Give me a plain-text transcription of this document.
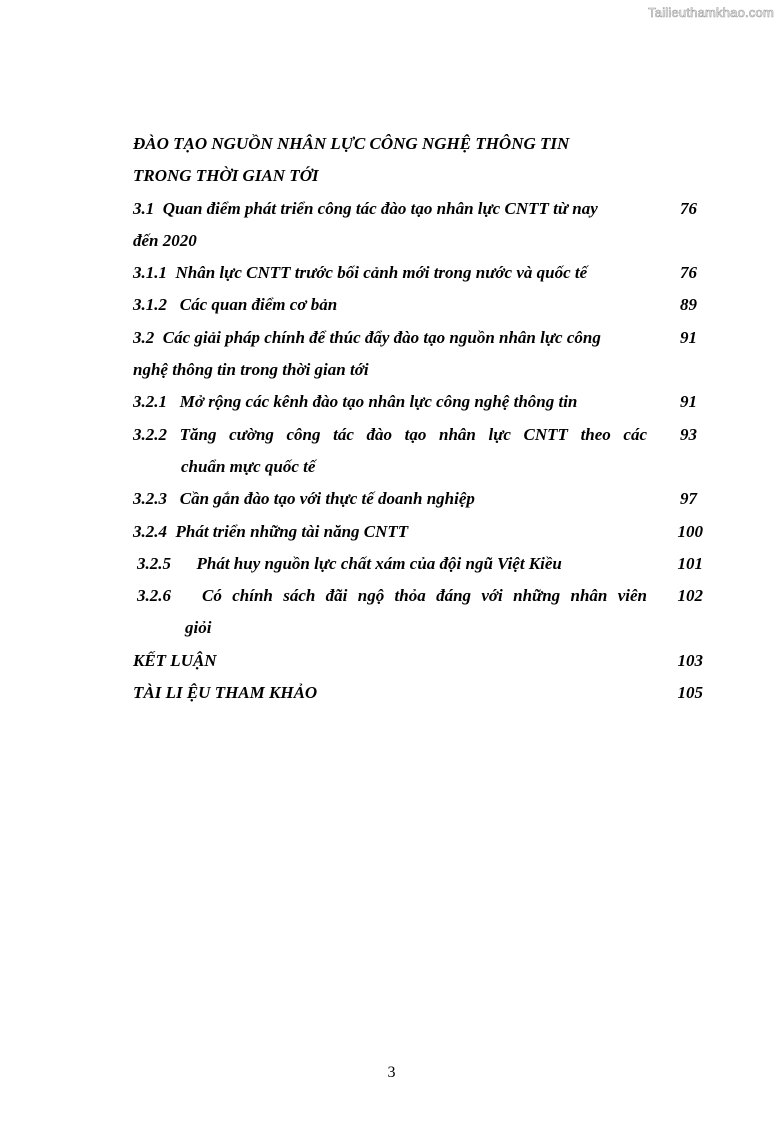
Tailieuthamkhao.com
ĐÀO TẠO NGUỒN NHÂN LỰC CÔNG NGHỆ THÔNG TIN
TRONG THỜI GIAN TỚI
3.1 Quan điểm phát triển công tác đào tạo nhân lực CNTT từ nay	76
đến 2020
3.1.1 Nhân lực CNTT trước bối cảnh mới trong nước và quốc tế	76
3.1.2 Các quan điểm cơ bản	89
3.2 Các giải pháp chính để thúc đẩy đào tạo nguồn nhân lực công	91
nghệ thông tin trong thời gian tới
3.2.1 Mở rộng các kênh đào tạo nhân lực công nghệ thông tin	91
3.2.2 Tăng cường công tác đào tạo nhân lực CNTT theo các 93
chuẩn mực quốc tế
3.2.3 Cần gắn đào tạo với thực tế doanh nghiệp	97
3.2.4 Phát triển những tài năng CNTT	100
3.2.5 Phát huy nguồn lực chất xám của đội ngũ Việt Kiều	101
3.2.6 Có chính sách đãi ngộ thỏa đáng với những nhân viên 102
giỏi
KẾT LUẬN	103
TÀI LI ỆU THAM KHẢO	105
3
